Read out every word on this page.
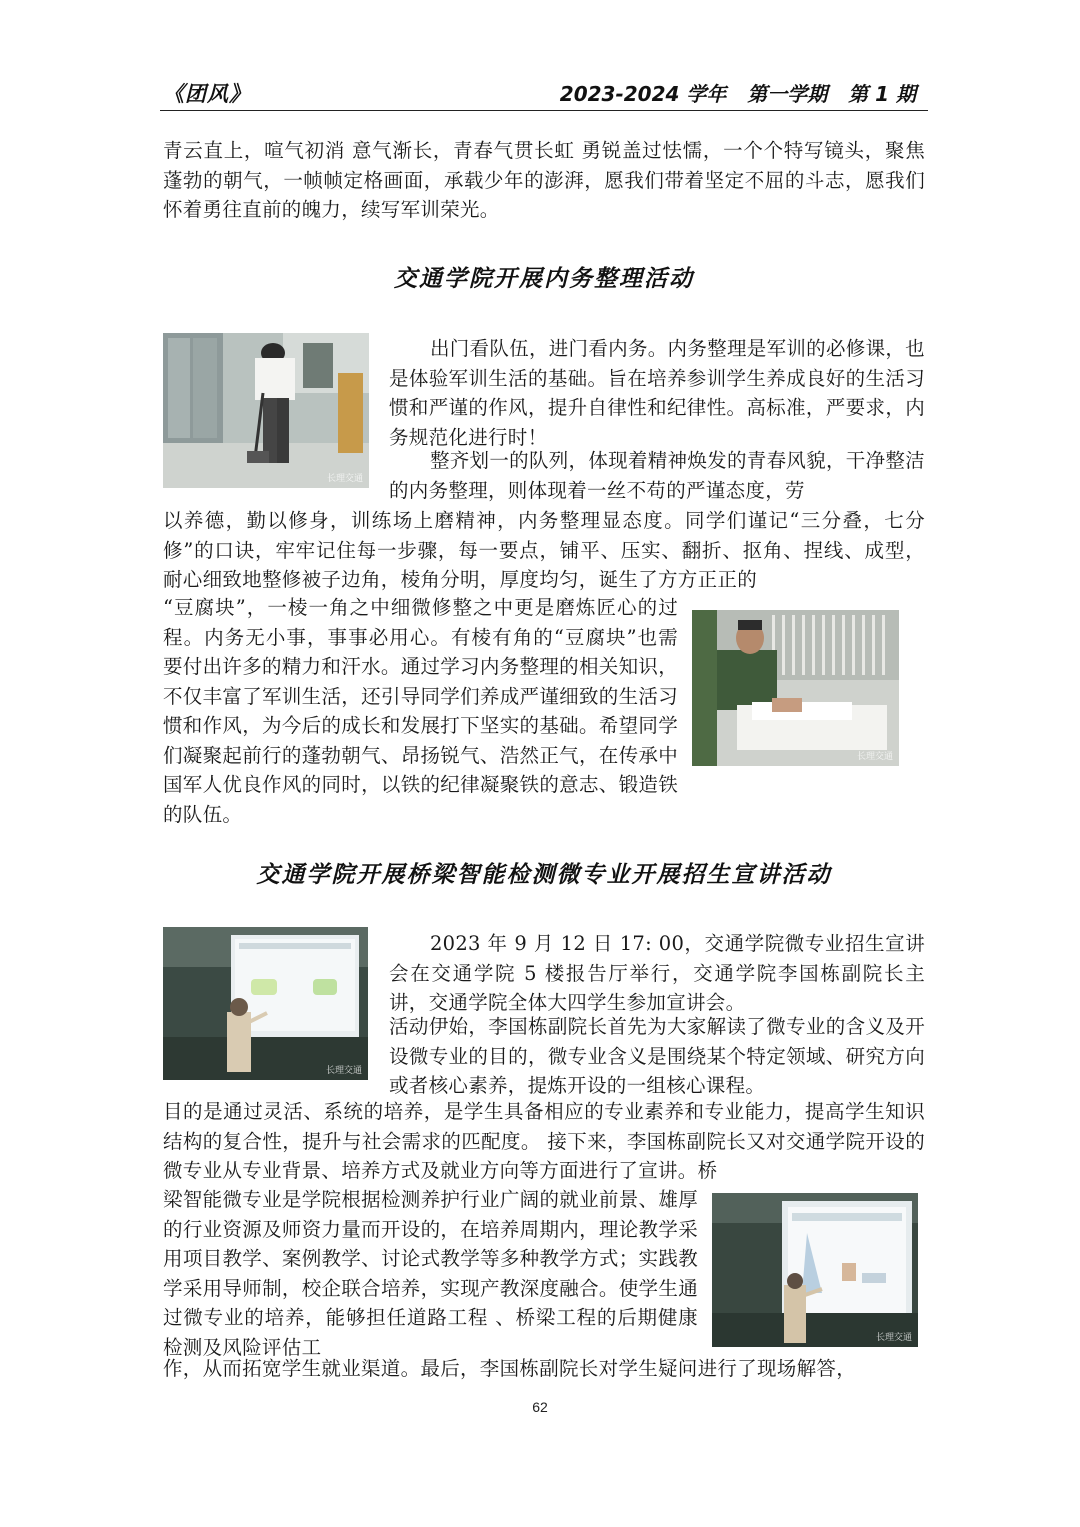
《团风》	2023-2024 学年   第一学期   第 1 期

青云直上，喧气初消 意气渐长，青春气贯长虹 勇锐盖过怯懦，一个个特写镜头，聚焦蓬勃的朝气，一帧帧定格画面，承载少年的澎湃，愿我们带着坚定不屈的斗志，愿我们怀着勇往直前的魄力，续写军训荣光。

交通学院开展内务整理活动
长理交通

出门看队伍，进门看内务。内务整理是军训的必修课，也是体验军训生活的基础。旨在培养参训学生养成良好的生活习惯和严谨的作风，提升自律性和纪律性。高标准，严要求，内务规范化进行时！

整齐划一的队列，体现着精神焕发的青春风貌，干净整洁的内务整理，则体现着一丝不苟的严谨态度，劳

以养德，勤以修身，训练场上磨精神，内务整理显态度。同学们谨记“三分叠，七分修”的口诀，牢牢记住每一步骤，每一要点，铺平、压实、翻折、抠角、捏线、成型，耐心细致地整修被子边角，棱角分明，厚度均匀，诞生了方方正正的

“豆腐块”，一棱一角之中细微修整之中更是磨炼匠心的过程。内务无小事，事事必用心。有棱有角的“豆腐块”也需要付出许多的精力和汗水。通过学习内务整理的相关知识，不仅丰富了军训生活，还引导同学们养成严谨细致的生活习惯和作风，为今后的成长和发展打下坚实的基础。希望同学们凝聚起前行的蓬勃朝气、昂扬锐气、浩然正气，在传承中国军人优良作风的同时，以铁的纪律凝聚铁的意志、锻造铁的队伍。

长理交通
交通学院开展桥梁智能检测微专业开展招生宣讲活动
长理交通

2023 年 9 月 12 日 17: 00，交通学院微专业招生宣讲会在交通学院 5 楼报告厅举行，交通学院李国栋副院长主讲，交通学院全体大四学生参加宣讲会。

活动伊始，李国栋副院长首先为大家解读了微专业的含义及开设微专业的目的，微专业含义是围绕某个特定领域、研究方向或者核心素养，提炼开设的一组核心课程。

目的是通过灵活、系统的培养，是学生具备相应的专业素养和专业能力，提高学生知识结构的复合性，提升与社会需求的匹配度。 接下来，李国栋副院长又对交通学院开设的微专业从专业背景、培养方式及就业方向等方面进行了宣讲。桥

梁智能微专业是学院根据检测养护行业广阔的就业前景、雄厚的行业资源及师资力量而开设的，在培养周期内，理论教学采用项目教学、案例教学、讨论式教学等多种教学方式；实践教学采用导师制，校企联合培养，实现产教深度融合。使学生通过微专业的培养，能够担任道路工程 、桥梁工程的后期健康检测及风险评估工	长理交通

作，从而拓宽学生就业渠道。最后，李国栋副院长对学生疑问进行了现场解答，

62
